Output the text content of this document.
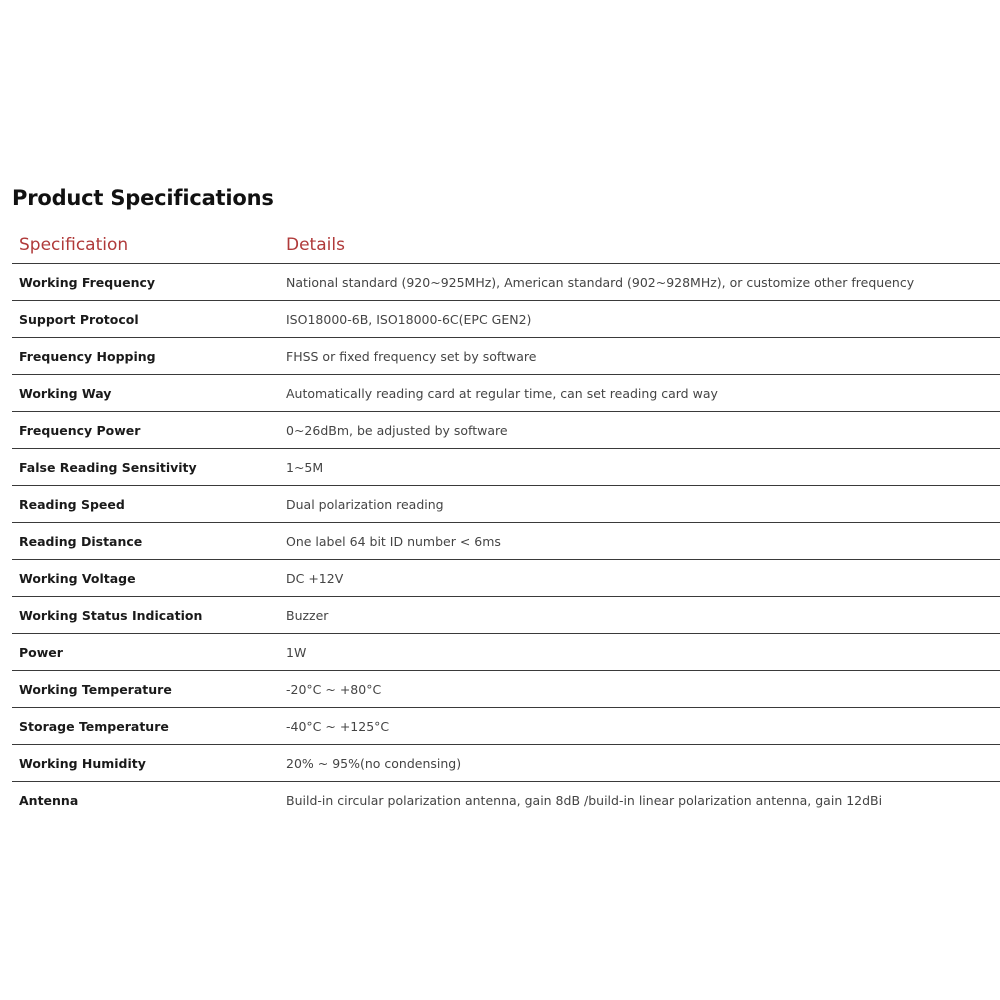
Product Specifications
Specification	Details
Working Frequency	National standard (920~925MHz), American standard (902~928MHz), or customize other frequency
Support Protocol	ISO18000-6B, ISO18000-6C(EPC GEN2)
Frequency Hopping	FHSS or fixed frequency set by software
Working Way	Automatically reading card at regular time, can set reading card way
Frequency Power	0~26dBm, be adjusted by software
False Reading Sensitivity	1~5M
Reading Speed	Dual polarization reading
Reading Distance	One label 64 bit ID number < 6ms
Working Voltage	DC +12V
Working Status Indication	Buzzer
Power	1W
Working Temperature	-20°C ~ +80°C
Storage Temperature	-40°C ~ +125°C
Working Humidity	20% ~ 95%(no condensing)
Antenna	Build-in circular polarization antenna, gain 8dB /build-in linear polarization antenna, gain 12dBi
